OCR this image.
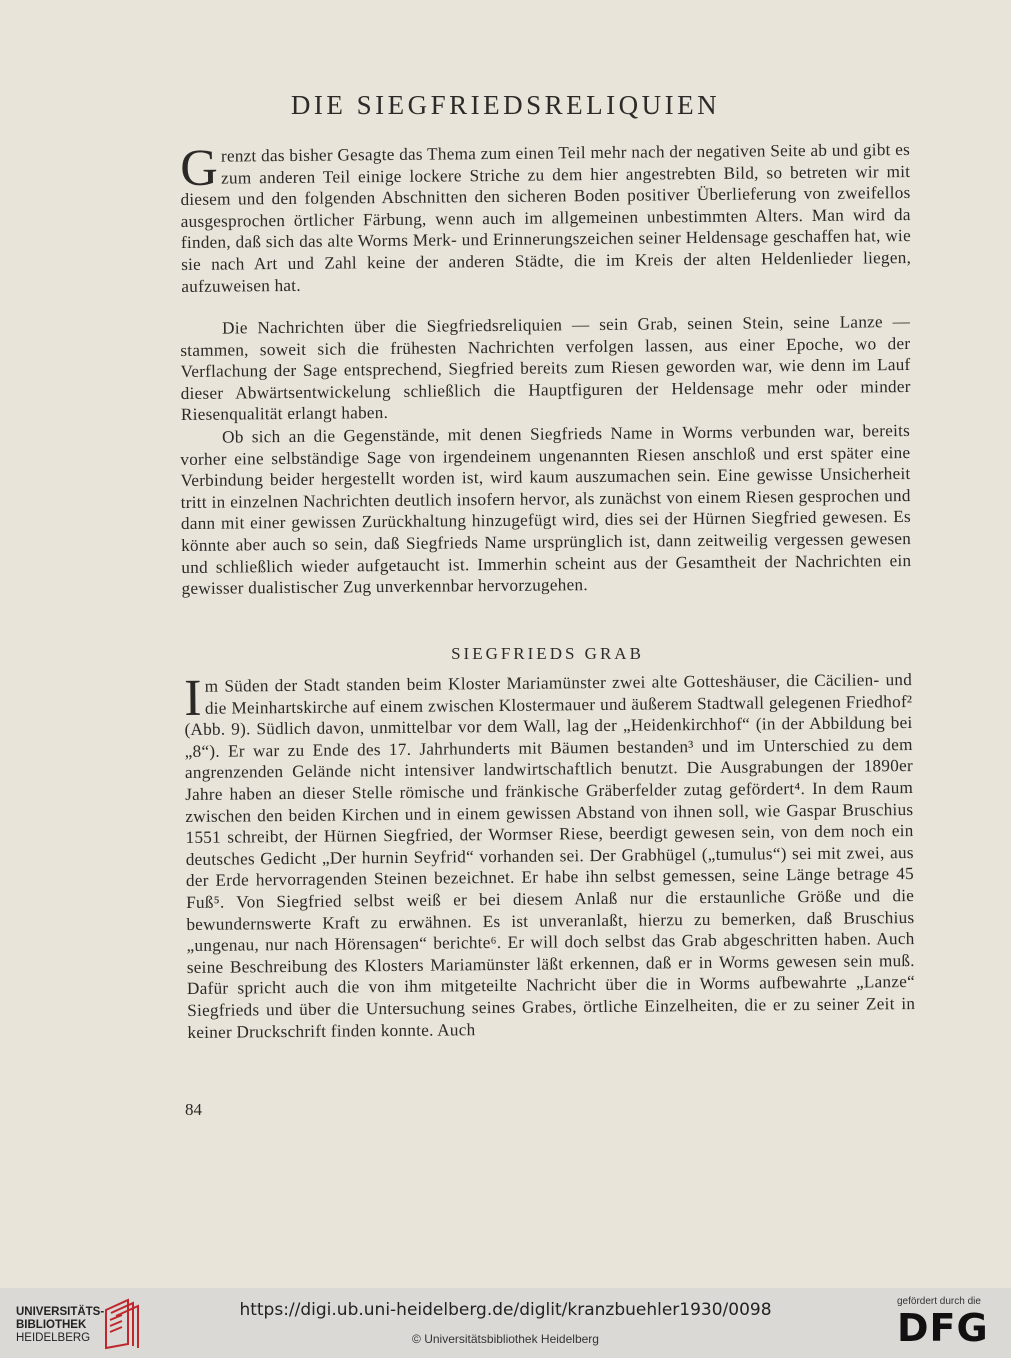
DIE SIEGFRIEDSRELIQUIEN

Grenzt das bisher Gesagte das Thema zum einen Teil mehr nach der negativen Seite ab und gibt es zum anderen Teil einige lockere Striche zu dem hier angestrebten Bild, so betreten wir mit diesem und den folgenden Abschnitten den sicheren Boden positiver Überlieferung von zweifellos ausgesprochen örtlicher Färbung, wenn auch im allgemeinen unbestimmten Alters. Man wird da finden, daß sich das alte Worms Merk- und Erinnerungszeichen seiner Heldensage geschaffen hat, wie sie nach Art und Zahl keine der anderen Städte, die im Kreis der alten Heldenlieder liegen, aufzuweisen hat.

Die Nachrichten über die Siegfriedsreliquien — sein Grab, seinen Stein, seine Lanze — stammen, soweit sich die frühesten Nachrichten verfolgen lassen, aus einer Epoche, wo der Verflachung der Sage entsprechend, Siegfried bereits zum Riesen geworden war, wie denn im Lauf dieser Abwärtsentwickelung schließlich die Hauptfiguren der Heldensage mehr oder minder Riesenqualität erlangt haben.

Ob sich an die Gegenstände, mit denen Siegfrieds Name in Worms verbunden war, bereits vorher eine selbständige Sage von irgendeinem ungenannten Riesen anschloß und erst später eine Verbindung beider hergestellt worden ist, wird kaum auszumachen sein. Eine gewisse Unsicherheit tritt in einzelnen Nachrichten deutlich insofern hervor, als zunächst von einem Riesen gesprochen und dann mit einer gewissen Zurückhaltung hinzugefügt wird, dies sei der Hürnen Siegfried gewesen. Es könnte aber auch so sein, daß Siegfrieds Name ursprünglich ist, dann zeitweilig vergessen gewesen und schließlich wieder aufgetaucht ist. Immerhin scheint aus der Gesamtheit der Nachrichten ein gewisser dualistischer Zug unverkennbar hervorzugehen.

SIEGFRIEDS GRAB

Im Süden der Stadt standen beim Kloster Mariamünster zwei alte Gotteshäuser, die Cäcilien- und die Meinhartskirche auf einem zwischen Klostermauer und äußerem Stadtwall gelegenen Friedhof² (Abb. 9). Südlich davon, unmittelbar vor dem Wall, lag der „Heidenkirchhof“ (in der Abbildung bei „8“). Er war zu Ende des 17. Jahrhunderts mit Bäumen bestanden³ und im Unterschied zu dem angrenzenden Gelände nicht intensiver landwirtschaftlich benutzt. Die Ausgrabungen der 1890er Jahre haben an dieser Stelle römische und fränkische Gräberfelder zutag gefördert⁴. In dem Raum zwischen den beiden Kirchen und in einem gewissen Abstand von ihnen soll, wie Gaspar Bruschius 1551 schreibt, der Hürnen Siegfried, der Wormser Riese, beerdigt gewesen sein, von dem noch ein deutsches Gedicht „Der hurnin Seyfrid“ vorhanden sei. Der Grabhügel („tumulus“) sei mit zwei, aus der Erde hervorragenden Steinen bezeichnet. Er habe ihn selbst gemessen, seine Länge betrage 45 Fuß⁵. Von Siegfried selbst weiß er bei diesem Anlaß nur die erstaunliche Größe und die bewundernswerte Kraft zu erwähnen. Es ist unveranlaßt, hierzu zu bemerken, daß Bruschius „ungenau, nur nach Hörensagen“ berichte⁶. Er will doch selbst das Grab abgeschritten haben. Auch seine Beschreibung des Klosters Mariamünster läßt erkennen, daß er in Worms gewesen sein muß. Dafür spricht auch die von ihm mitgeteilte Nachricht über die in Worms aufbewahrte „Lanze“ Siegfrieds und über die Untersuchung seines Grabes, örtliche Einzelheiten, die er zu seiner Zeit in keiner Druckschrift finden konnte. Auch

84
UNIVERSITÄTS-
BIBLIOTHEK
HEIDELBERG
https://digi.ub.uni-heidelberg.de/diglit/kranzbuehler1930/0098
© Universitätsbibliothek Heidelberg
gefördert durch die
DFG
